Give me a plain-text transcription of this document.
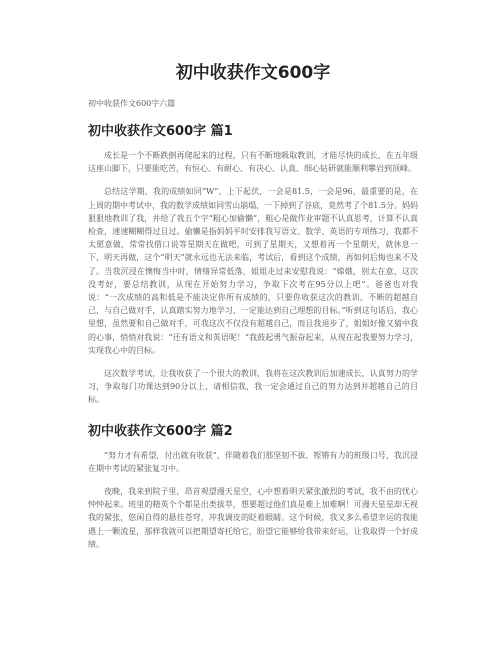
初中收获作文600字
初中收获作文600字六篇
初中收获作文600字 篇1

成长是一个不断跌倒再爬起来的过程，只有不断地吸取教训，才能尽快的成长，在五年级这座山脚下，只要能吃苦，有恒心、有耐心、有决心、认真、细心钻研就能顺利攀岩到顶峰。

总结这学期，我的成绩如同“W”，上下起伏，一会是81.5，一会是96，最重要的是，在上周的期中考试中，我的数学成绩如同雪山崩塌，一下掉到了谷底，竟然考了个81.5分。妈妈狠狠地教训了我，并给了我五个字“粗心加偷懒”，粗心是做作业审题不认真思考，计算不认真检查，速速糊糊得过且过。偷懒是指妈妈平时安排我写语文、数学、英语的专项练习，我都不太愿意做，常常找借口说等星期天在做吧，可到了星期天，又想着再一个星期天，就休息一下，明天再做，这个“明天”就永远也无法来临，考试后，看到这个成绩，再如何后悔也来不及了。当我沉浸在懊悔当中时，情绪异常低落，姐姐走过来安慰我说：“嫦娥，别太在意，这次没考好，要总结教训，从现在开始努力学习，争取下次考在95分以上吧”。爸爸也对我说：“一次成绩的高和低是不能决定你所有成绩的，只要你收获这次的教训，不断的超越自己，与自己做对手，认真踏实努力地学习，一定能达到自己理想的目标。”听到这句话后，我心里想，虽然要和自己做对手，可我这次不仅没有超越自己，而且我退步了，姐姐好像又猜中我的心事，悄悄对我说：“还有语文和英语呢！”我鼓起勇气振奋起来，从现在起我要努力学习，实现我心中的目标。

这次数学考试，让我收获了一个很大的教训，我将在这次教训后加速成长，认真努力的学习，争取每门功课达到90分以上，请相信我，我一定会通过自己的努力达到并超越自己的目标。

初中收获作文600字 篇2

“努力才有希望，付出就有收获”，伴随着我们那坚韧不拔、铿锵有力的班级口号，我沉浸在期中考试的紧张复习中。

夜晚，我来到院子里，昂首观望漫天星空，心中想着明天紧张激烈的考试，我不由的忧心忡忡起来。班里的精英个个都是出类拔萃，想要超过他们真是难上加难啊！可漫天星星却无视我的紧张，悠闲自得的悬挂苍穹，冲我调皮的眨着眼睛。这个时候，我又多么希望幸运的我能遇上一颗流星，那样我就可以把期望寄托给它，盼望它能够给我带来好运，让我取得一个好成绩。
